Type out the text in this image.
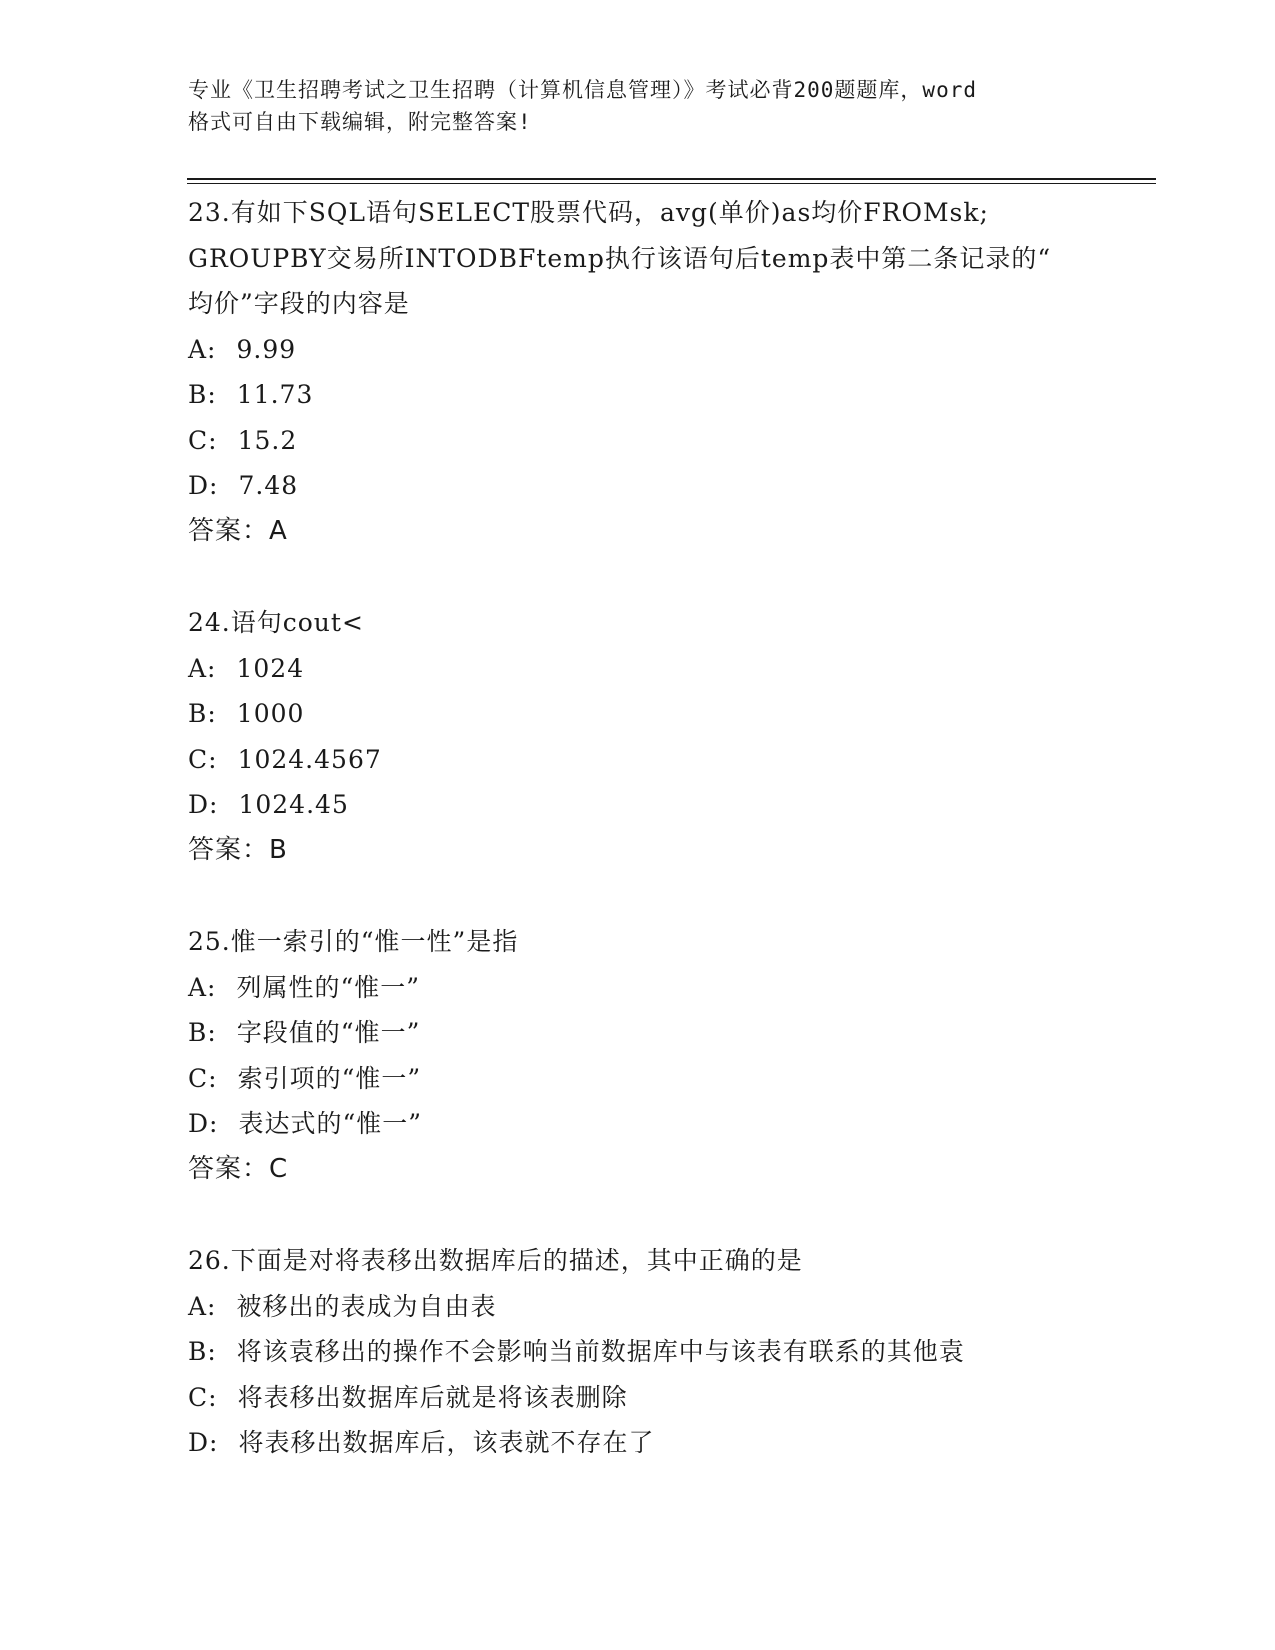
专业《卫生招聘考试之卫生招聘（计算机信息管理）》考试必背200题题库，word
格式可自由下载编辑，附完整答案!
23.有如下SQL语句SELECT股票代码，avg(单价)as均价FROMsk;
GROUPBY交易所INTODBFtemp执行该语句后temp表中第二条记录的“
均价”字段的内容是
A: 9.99
B: 11.73
C: 15.2
D: 7.48
答案：A
24.语句cout<
A: 1024
B: 1000
C: 1024.4567
D: 1024.45
答案：B
25.惟一索引的“惟一性”是指
A: 列属性的“惟一”
B: 字段值的“惟一”
C: 索引项的“惟一”
D: 表达式的“惟一”
答案：C
26.下面是对将表移出数据库后的描述，其中正确的是
A: 被移出的表成为自由表
B: 将该袁移出的操作不会影响当前数据库中与该表有联系的其他袁
C: 将表移出数据库后就是将该表删除
D: 将表移出数据库后，该表就不存在了
